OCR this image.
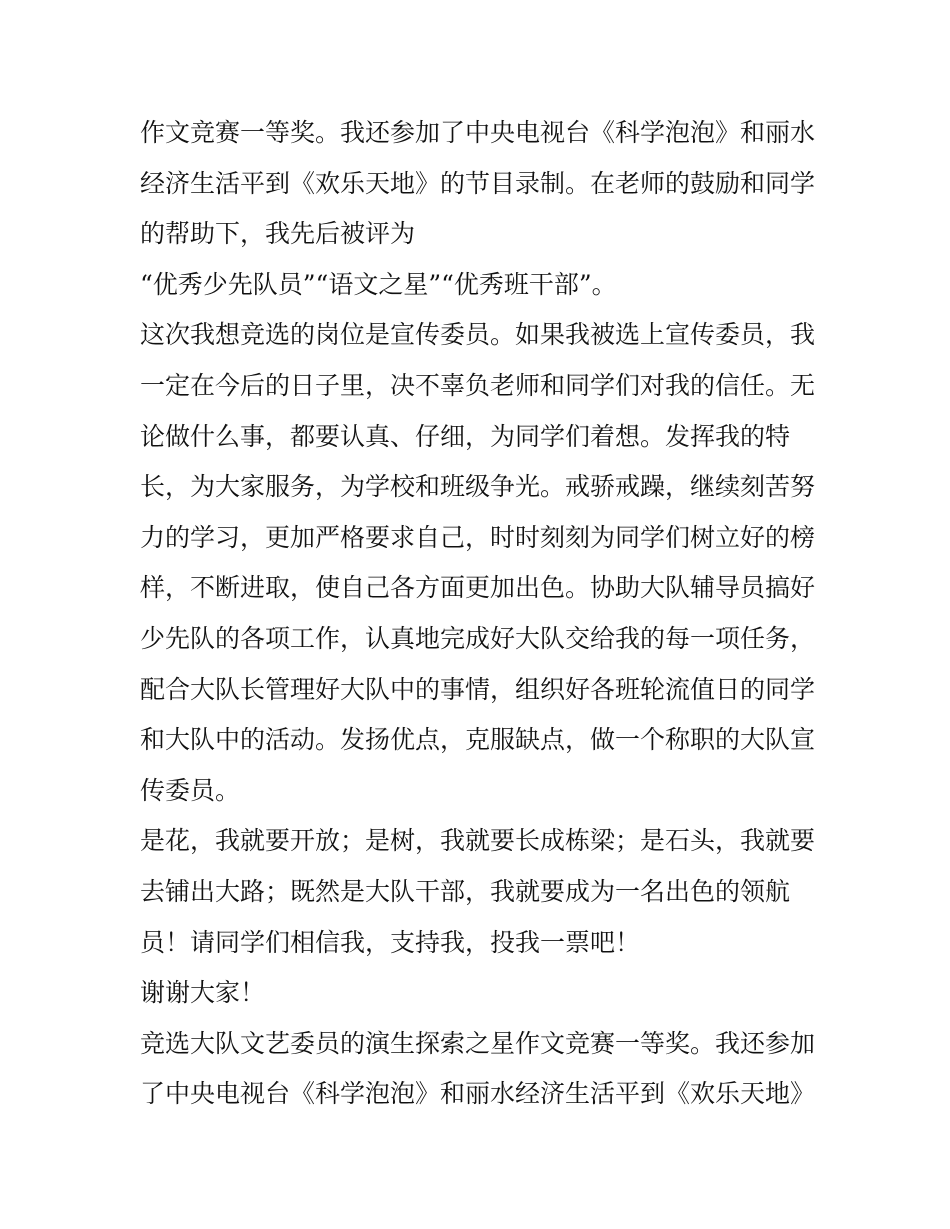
作文竞赛一等奖。我还参加了中央电视台《科学泡泡》和丽水
经济生活平到《欢乐天地》的节目录制。在老师的鼓励和同学
的帮助下，我先后被评为
“优秀少先队员”“语文之星”“优秀班干部”。
这次我想竞选的岗位是宣传委员。如果我被选上宣传委员，我
一定在今后的日子里，决不辜负老师和同学们对我的信任。无
论做什么事，都要认真、仔细，为同学们着想。发挥我的特
长，为大家服务，为学校和班级争光。戒骄戒躁，继续刻苦努
力的学习，更加严格要求自己，时时刻刻为同学们树立好的榜
样，不断进取，使自己各方面更加出色。协助大队辅导员搞好
少先队的各项工作，认真地完成好大队交给我的每一项任务，
配合大队长管理好大队中的事情，组织好各班轮流值日的同学
和大队中的活动。发扬优点，克服缺点，做一个称职的大队宣
传委员。
是花，我就要开放；是树，我就要长成栋梁；是石头，我就要
去铺出大路；既然是大队干部，我就要成为一名出色的领航
员！请同学们相信我，支持我，投我一票吧！
谢谢大家！
竞选大队文艺委员的演生探索之星作文竞赛一等奖。我还参加
了中央电视台《科学泡泡》和丽水经济生活平到《欢乐天地》
